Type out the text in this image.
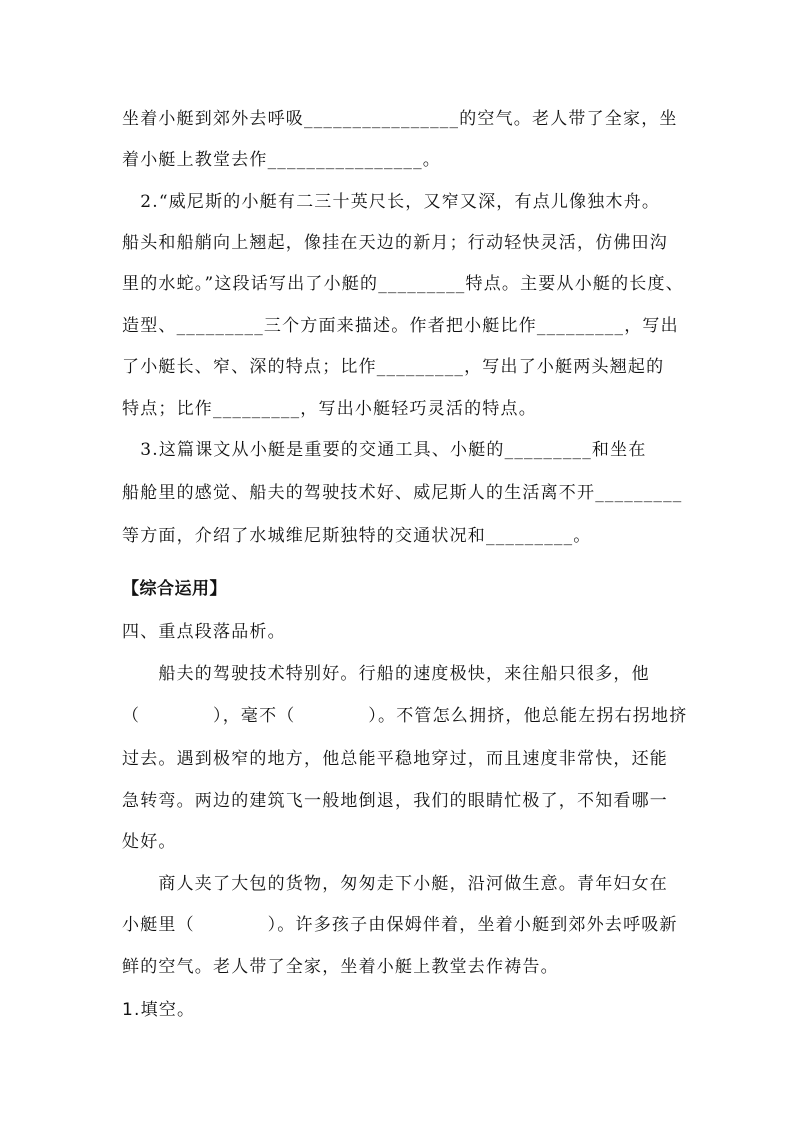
坐着小艇到郊外去呼吸________________的空气。老人带了全家，坐
着小艇上教堂去作________________。
　2.“威尼斯的小艇有二三十英尺长，又窄又深，有点儿像独木舟。
船头和船艄向上翘起，像挂在天边的新月；行动轻快灵活，仿佛田沟
里的水蛇。”这段话写出了小艇的_________特点。主要从小艇的长度、
造型、_________三个方面来描述。作者把小艇比作_________，写出
了小艇长、窄、深的特点；比作_________，写出了小艇两头翘起的
特点；比作_________，写出小艇轻巧灵活的特点。
　3.这篇课文从小艇是重要的交通工具、小艇的_________和坐在
船舱里的感觉、船夫的驾驶技术好、威尼斯人的生活离不开_________
等方面，介绍了水城维尼斯独特的交通状况和_________。
【综合运用】
四、重点段落品析。
　　船夫的驾驶技术特别好。行船的速度极快，来往船只很多，他
（　　　　），毫不（　　　　）。不管怎么拥挤，他总能左拐右拐地挤
过去。遇到极窄的地方，他总能平稳地穿过，而且速度非常快，还能
急转弯。两边的建筑飞一般地倒退，我们的眼睛忙极了，不知看哪一
处好。
　　商人夹了大包的货物，匆匆走下小艇，沿河做生意。青年妇女在
小艇里（　　　　）。许多孩子由保姆伴着，坐着小艇到郊外去呼吸新
鲜的空气。老人带了全家，坐着小艇上教堂去作祷告。
1.填空。
